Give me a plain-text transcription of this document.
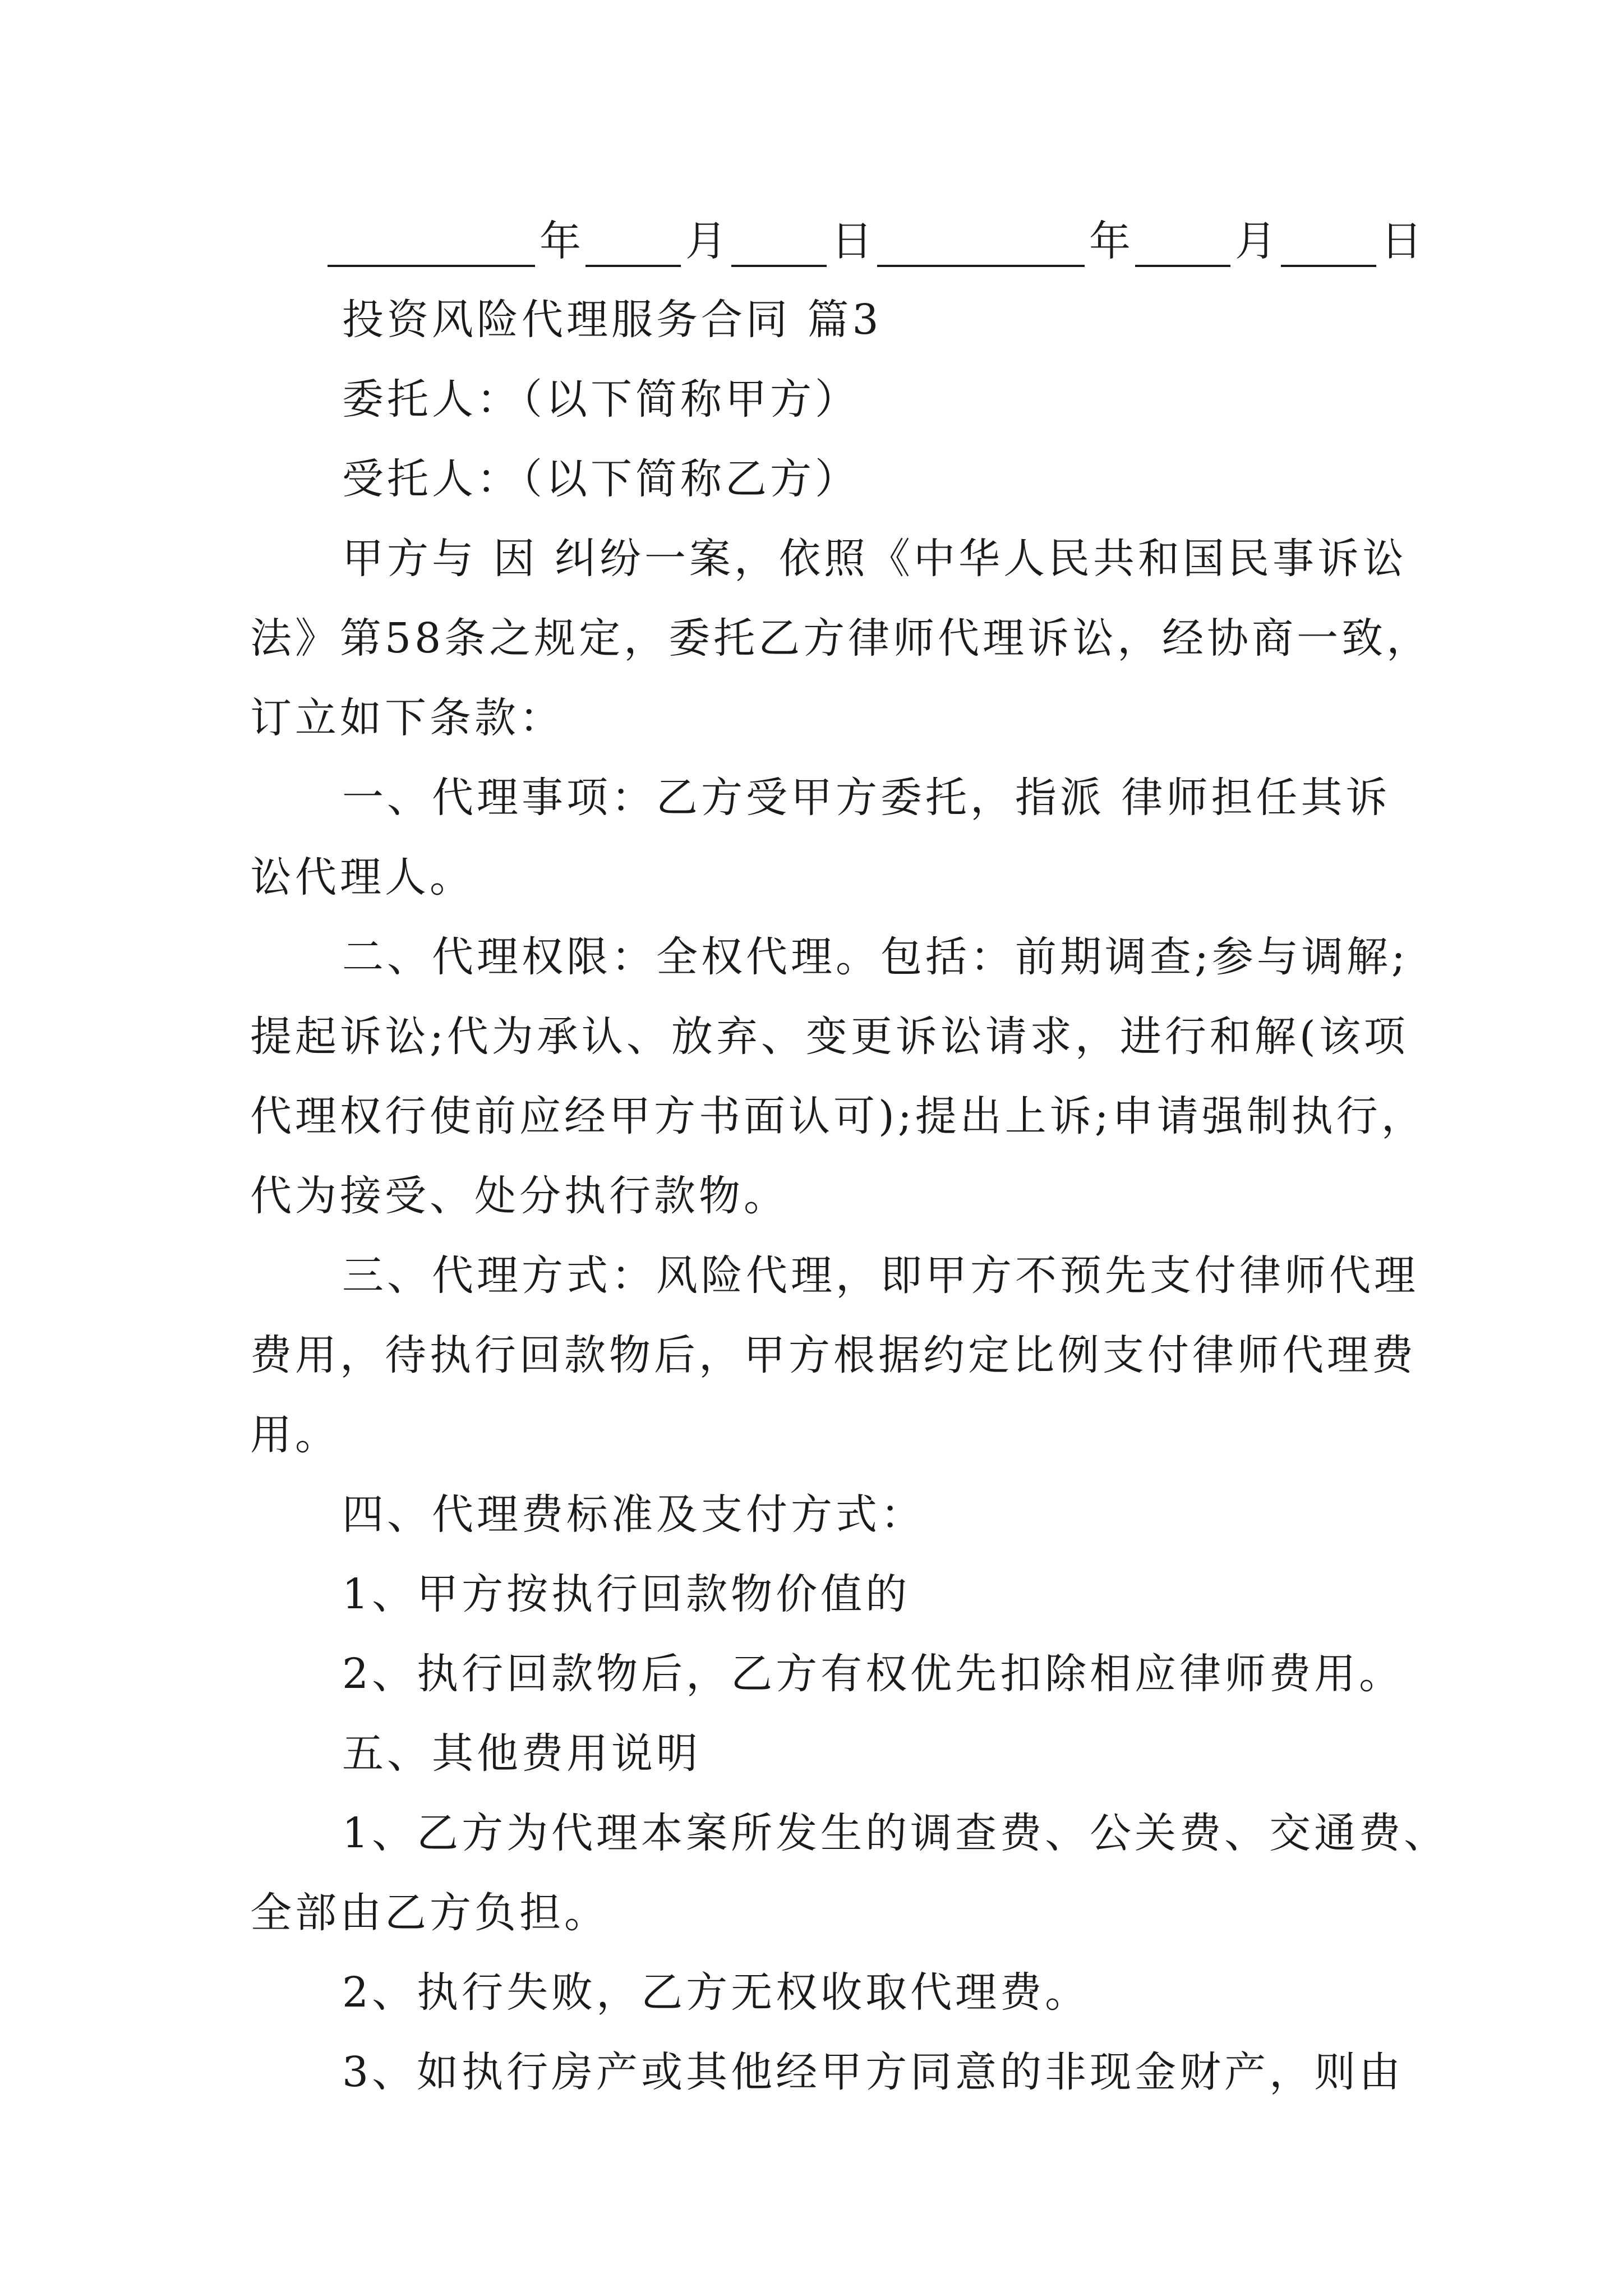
年	月	日	年	月	日
投资风险代理服务合同 篇3
委托人：（以下简称甲方）
受托人：（以下简称乙方）
甲方与 因 纠纷一案，依照《中华人民共和国民事诉讼
法》第58条之规定，委托乙方律师代理诉讼，经协商一致，
订立如下条款：
一、代理事项：乙方受甲方委托，指派 律师担任其诉
讼代理人。
二、代理权限：全权代理。包括：前期调查;参与调解;
提起诉讼;代为承认、放弃、变更诉讼请求，进行和解(该项
代理权行使前应经甲方书面认可);提出上诉;申请强制执行，
代为接受、处分执行款物。
三、代理方式：风险代理，即甲方不预先支付律师代理
费用，待执行回款物后，甲方根据约定比例支付律师代理费
用。
四、代理费标准及支付方式：
1、甲方按执行回款物价值的
2、执行回款物后，乙方有权优先扣除相应律师费用。
五、其他费用说明
1、乙方为代理本案所发生的调查费、公关费、交通费、
全部由乙方负担。
2、执行失败，乙方无权收取代理费。
3、如执行房产或其他经甲方同意的非现金财产，则由
